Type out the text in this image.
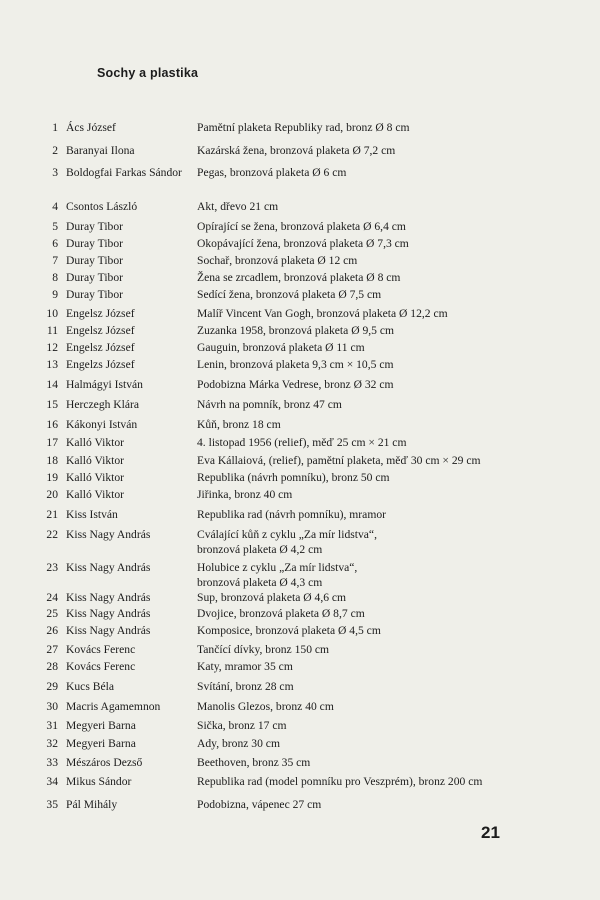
Sochy a plastika
1 Ács József	Pamětní plaketa Republiky rad, bronz Ø 8 cm
2 Baranyai Ilona	Kazárská žena, bronzová plaketa Ø 7,2 cm
3 Boldogfai Farkas Sándor	Pegas, bronzová plaketa Ø 6 cm
4 Csontos László	Akt, dřevo 21 cm
5 Duray Tibor	Opírající se žena, bronzová plaketa Ø 6,4 cm
6 Duray Tibor	Okopávající žena, bronzová plaketa Ø 7,3 cm
7 Duray Tibor	Sochař, bronzová plaketa Ø 12 cm
8 Duray Tibor	Žena se zrcadlem, bronzová plaketa Ø 8 cm
9 Duray Tibor	Sedící žena, bronzová plaketa Ø 7,5 cm
10 Engelsz József	Malíř Vincent Van Gogh, bronzová plaketa Ø 12,2 cm
11 Engelsz József	Zuzanka 1958, bronzová plaketa Ø 9,5 cm
12 Engelsz József	Gauguin, bronzová plaketa Ø 11 cm
13 Engelzs József	Lenin, bronzová plaketa 9,3 cm × 10,5 cm
14 Halmágyi István	Podobizna Márka Vedrese, bronz Ø 32 cm
15 Herczegh Klára	Návrh na pomník, bronz 47 cm
16 Kákonyi István	Kůň, bronz 18 cm
17 Kalló Viktor	4. listopad 1956 (relief), měď 25 cm × 21 cm
18 Kalló Viktor	Eva Kállaiová, (relief), pamětní plaketa, měď 30 cm × 29 cm
19 Kalló Viktor	Republika (návrh pomníku), bronz 50 cm
20 Kalló Viktor	Jiřinka, bronz 40 cm
21 Kiss István	Republika rad (návrh pomníku), mramor
22 Kiss Nagy András	Cválající kůň z cyklu „Za mír lidstva“,
bronzová plaketa Ø 4,2 cm
23 Kiss Nagy András	Holubice z cyklu „Za mír lidstva“,
bronzová plaketa Ø 4,3 cm
24 Kiss Nagy András	Sup, bronzová plaketa Ø 4,6 cm
25 Kiss Nagy András	Dvojice, bronzová plaketa Ø 8,7 cm
26 Kiss Nagy András	Komposice, bronzová plaketa Ø 4,5 cm
27 Kovács Ferenc	Tančící dívky, bronz 150 cm
28 Kovács Ferenc	Katy, mramor 35 cm
29 Kucs Béla	Svítání, bronz 28 cm
30 Macris Agamemnon	Manolis Glezos, bronz 40 cm
31 Megyeri Barna	Sička, bronz 17 cm
32 Megyeri Barna	Ady, bronz 30 cm
33 Mészáros Dezső	Beethoven, bronz 35 cm
34 Mikus Sándor	Republika rad (model pomníku pro Veszprém), bronz 200 cm
35 Pál Mihály	Podobizna, vápenec 27 cm
21
